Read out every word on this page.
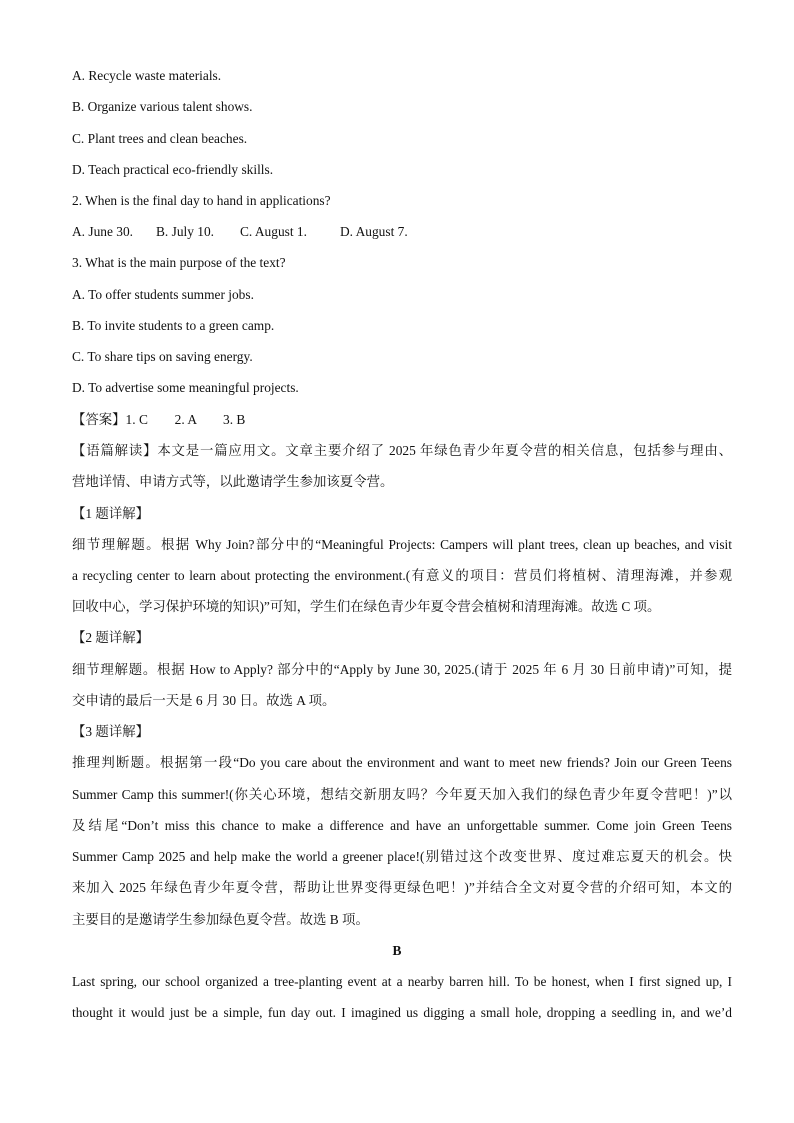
A. Recycle waste materials.
B. Organize various talent shows.
C. Plant trees and clean beaches.
D. Teach practical eco-friendly skills.
2. When is the final day to hand in applications?
A. June 30. B. July 10. C. August 1. D. August 7.
3. What is the main purpose of the text?
A. To offer students summer jobs.
B. To invite students to a green camp.
C. To share tips on saving energy.
D. To advertise some meaningful projects.
【答案】1. C        2. A        3. B
【语篇解读】本文是一篇应用文。文章主要介绍了 2025 年绿色青少年夏令营的相关信息，包括参与理由、
营地详情、申请方式等，以此邀请学生参加该夏令营。
【1 题详解】
细节理解题。根据 Why Join?部分中的“Meaningful Projects: Campers will plant trees, clean up beaches, and visit
a recycling center to learn about protecting the environment.(有意义的项目：营员们将植树、清理海滩，并参观
回收中心，学习保护环境的知识)”可知，学生们在绿色青少年夏令营会植树和清理海滩。故选 C 项。
【2 题详解】
细节理解题。根据 How to Apply? 部分中的“Apply by June 30, 2025.(请于 2025 年 6 月 30 日前申请)”可知，提
交申请的最后一天是 6 月 30 日。故选 A 项。
【3 题详解】
推理判断题。根据第一段“Do you care about the environment and want to meet new friends? Join our Green Teens
Summer Camp this summer!(你关心环境，想结交新朋友吗？今年夏天加入我们的绿色青少年夏令营吧！)”以
及结尾“Don’t miss this chance to make a difference and have an unforgettable summer. Come join Green Teens
Summer Camp 2025 and help make the world a greener place!(别错过这个改变世界、度过难忘夏天的机会。快
来加入 2025 年绿色青少年夏令营，帮助让世界变得更绿色吧！)”并结合全文对夏令营的介绍可知，本文的
主要目的是邀请学生参加绿色夏令营。故选 B 项。
B
Last spring, our school organized a tree-planting event at a nearby barren hill. To be honest, when I first signed up, I
thought it would just be a simple, fun day out. I imagined us digging a small hole, dropping a seedling in, and we’d
